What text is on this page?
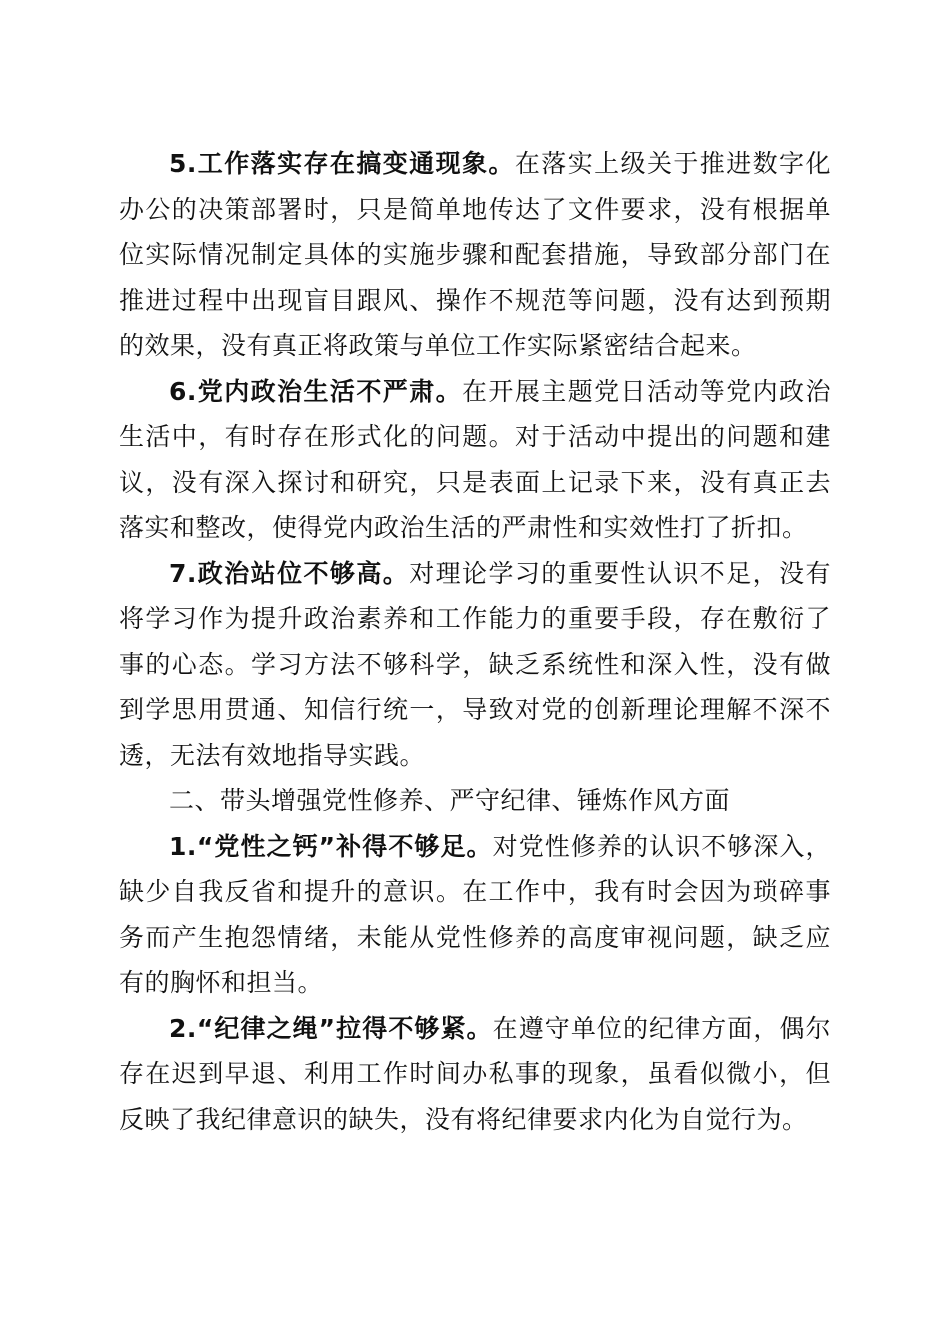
5.工作落实存在搞变通现象。在落实上级关于推进数字化办公的决策部署时，只是简单地传达了文件要求，没有根据单位实际情况制定具体的实施步骤和配套措施，导致部分部门在推进过程中出现盲目跟风、操作不规范等问题，没有达到预期的效果，没有真正将政策与单位工作实际紧密结合起来。

6.党内政治生活不严肃。在开展主题党日活动等党内政治生活中，有时存在形式化的问题。对于活动中提出的问题和建议，没有深入探讨和研究，只是表面上记录下来，没有真正去落实和整改，使得党内政治生活的严肃性和实效性打了折扣。

7.政治站位不够高。对理论学习的重要性认识不足，没有将学习作为提升政治素养和工作能力的重要手段，存在敷衍了事的心态。学习方法不够科学，缺乏系统性和深入性，没有做到学思用贯通、知信行统一，导致对党的创新理论理解不深不透，无法有效地指导实践。

二、带头增强党性修养、严守纪律、锤炼作风方面

1.“党性之钙”补得不够足。对党性修养的认识不够深入，缺少自我反省和提升的意识。在工作中，我有时会因为琐碎事务而产生抱怨情绪，未能从党性修养的高度审视问题，缺乏应有的胸怀和担当。

2.“纪律之绳”拉得不够紧。在遵守单位的纪律方面，偶尔存在迟到早退、利用工作时间办私事的现象，虽看似微小，但反映了我纪律意识的缺失，没有将纪律要求内化为自觉行为。
